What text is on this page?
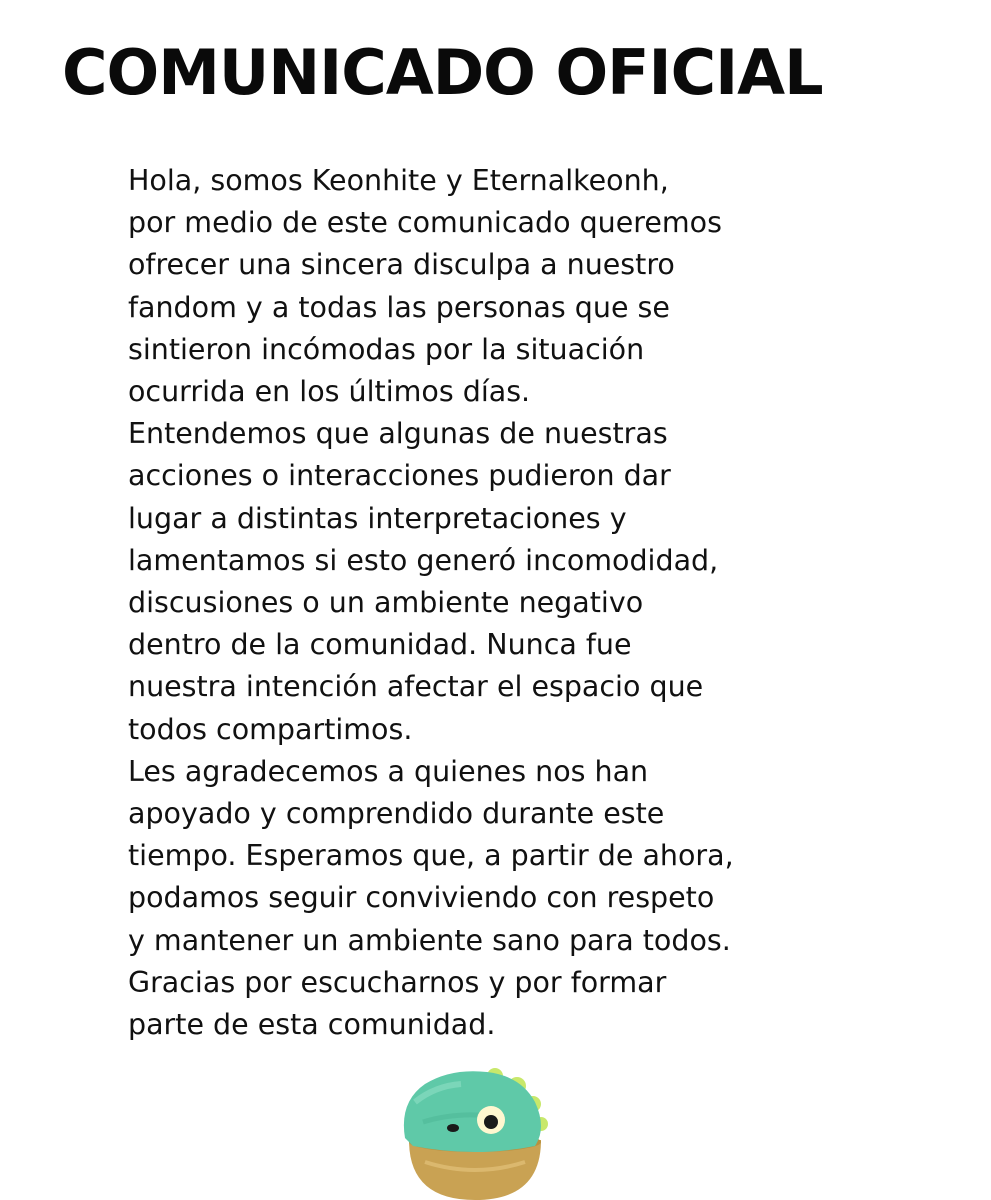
COMUNICADO OFICIAL

Hola, somos Keonhite y Eternalkeonh,
por medio de este comunicado queremos
ofrecer una sincera disculpa a nuestro
fandom y a todas las personas que se
sintieron incómodas por la situación
ocurrida en los últimos días.

Entendemos que algunas de nuestras
acciones o interacciones pudieron dar
lugar a distintas interpretaciones y
lamentamos si esto generó incomodidad,
discusiones o un ambiente negativo
dentro de la comunidad. Nunca fue
nuestra intención afectar el espacio que
todos compartimos.

Les agradecemos a quienes nos han
apoyado y comprendido durante este
tiempo. Esperamos que, a partir de ahora,
podamos seguir conviviendo con respeto
y mantener un ambiente sano para todos.

Gracias por escucharnos y por formar
parte de esta comunidad.
